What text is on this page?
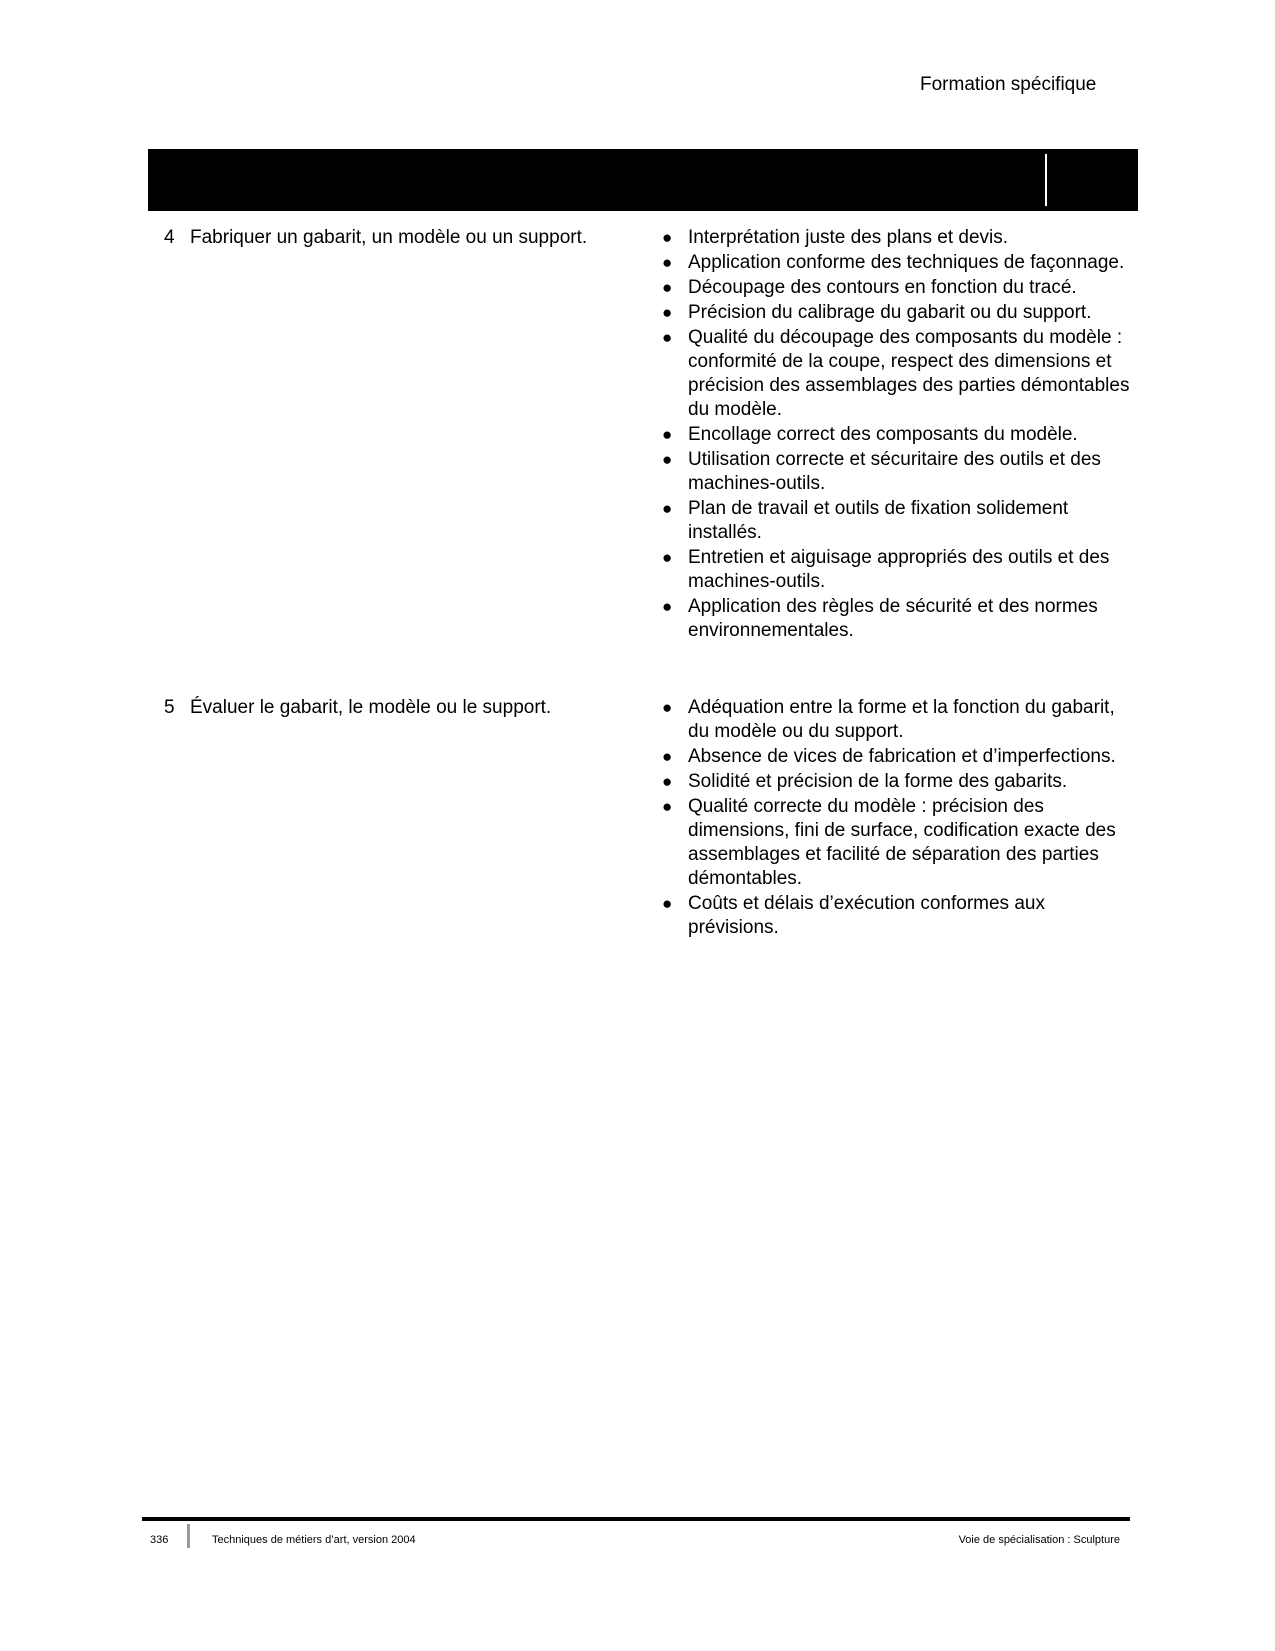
Formation spécifique
Code : 01ND
4 Fabriquer un gabarit, un modèle ou un support.	● Interprétation juste des plans et devis.
● Application conforme des techniques de façonnage.
● Découpage des contours en fonction du tracé.
● Précision du calibrage du gabarit ou du support.
● Qualité du découpage des composants du modèle : conformité de la coupe, respect des dimensions et précision des assemblages des parties démontables du modèle.
● Encollage correct des composants du modèle.
● Utilisation correcte et sécuritaire des outils et des machines-outils.
● Plan de travail et outils de fixation solidement installés.
● Entretien et aiguisage appropriés des outils et des machines-outils.
● Application des règles de sécurité et des normes environnementales.
5 Évaluer le gabarit, le modèle ou le support.	● Adéquation entre la forme et la fonction du gabarit, du modèle ou du support.
● Absence de vices de fabrication et d’imperfections.
● Solidité et précision de la forme des gabarits.
● Qualité correcte du modèle : précision des dimensions, fini de surface, codification exacte des assemblages et facilité de séparation des parties démontables.
● Coûts et délais d’exécution conformes aux prévisions.
336	Techniques de métiers d’art, version 2004	Voie de spécialisation : Sculpture
